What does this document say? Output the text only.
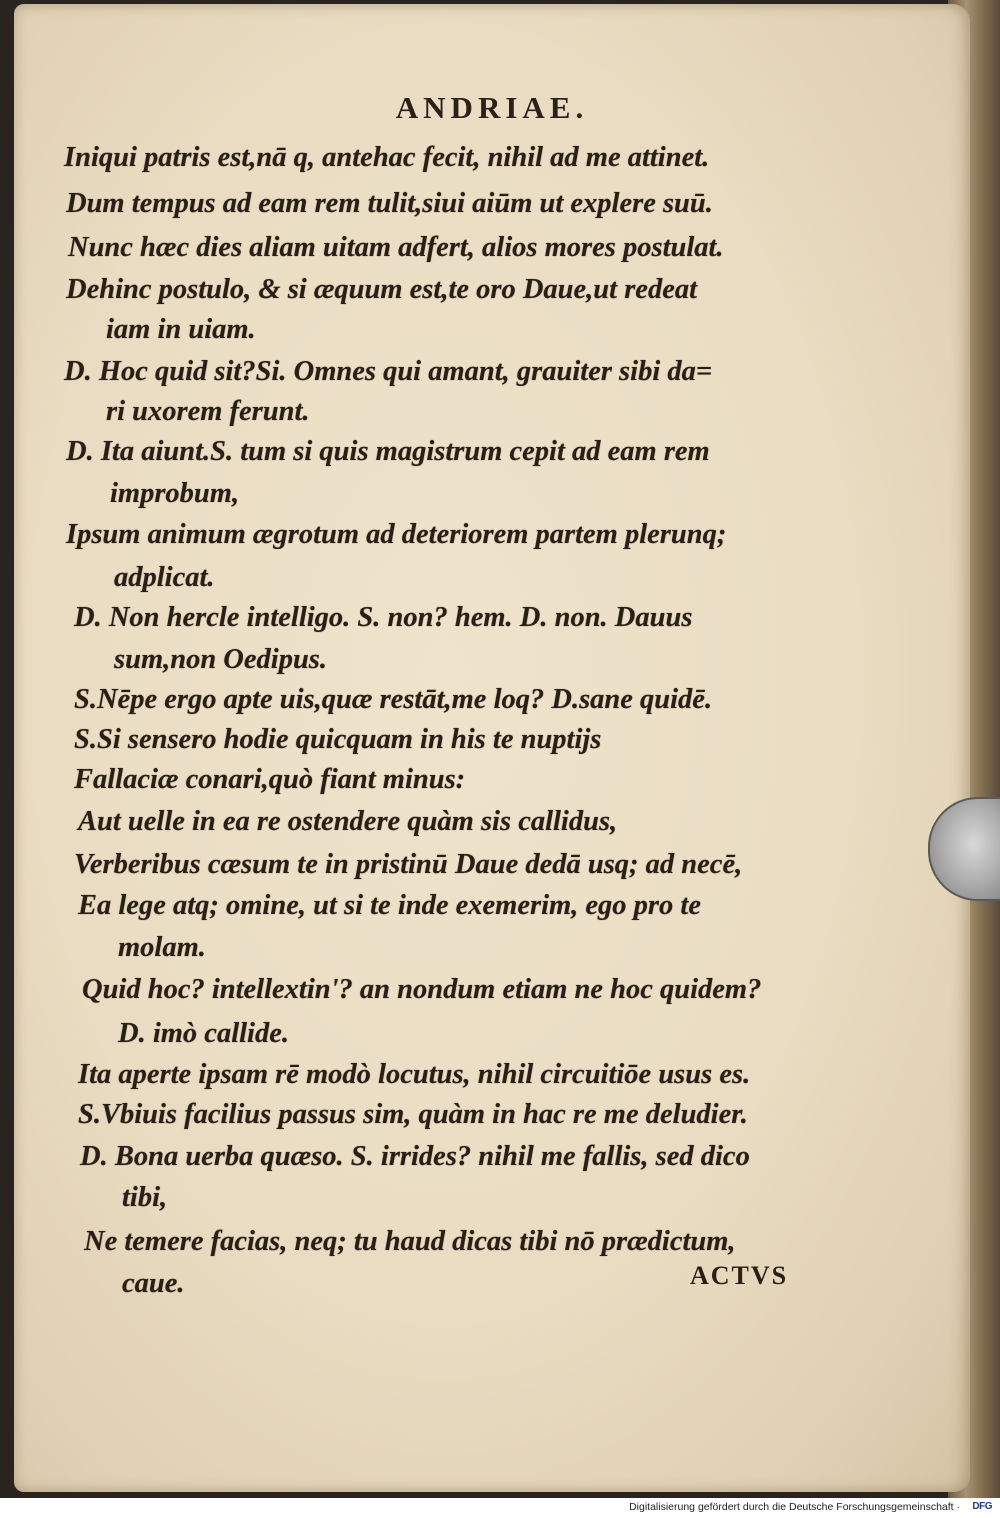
ANDRIAE.
Iniqui patris est,nā q, antehac fecit, nihil ad me attinet.
Dum tempus ad eam rem tulit,siui aiūm ut explere suū.
Nunc hæc dies aliam uitam adfert, alios mores postulat.
Dehinc postulo, & si æquum est,te oro Daue,ut redeat
iam in uiam.
D. Hoc quid sit?Si. Omnes qui amant, grauiter sibi da=
ri uxorem ferunt.
D. Ita aiunt.S. tum si quis magistrum cepit ad eam rem
improbum,
Ipsum animum ægrotum ad deteriorem partem plerunq;
adplicat.
D. Non hercle intelligo. S. non? hem. D. non. Dauus
sum,non Oedipus.
S.Nēpe ergo apte uis,quæ restāt,me loq? D.sane quidē.
S.Si sensero hodie quicquam in his te nuptijs
Fallaciæ conari,quò fiant minus:
Aut uelle in ea re ostendere quàm sis callidus,
Verberibus cæsum te in pristinū Daue dedā usq; ad necē,
Ea lege atq; omine, ut si te inde exemerim, ego pro te
molam.
Quid hoc? intellextin'? an nondum etiam ne hoc quidem?
D. imò callide.
Ita aperte ipsam rē modò locutus, nihil circuitiōe usus es.
S.Vbiuis facilius passus sim, quàm in hac re me deludier.
D. Bona uerba quæso. S. irrides? nihil me fallis, sed dico
tibi,
Ne temere facias, neq; tu haud dicas tibi nō prædictum,
caue.	ACTVS
Digitalisierung gefördert durch die Deutsche Forschungsgemeinschaft · DFG
